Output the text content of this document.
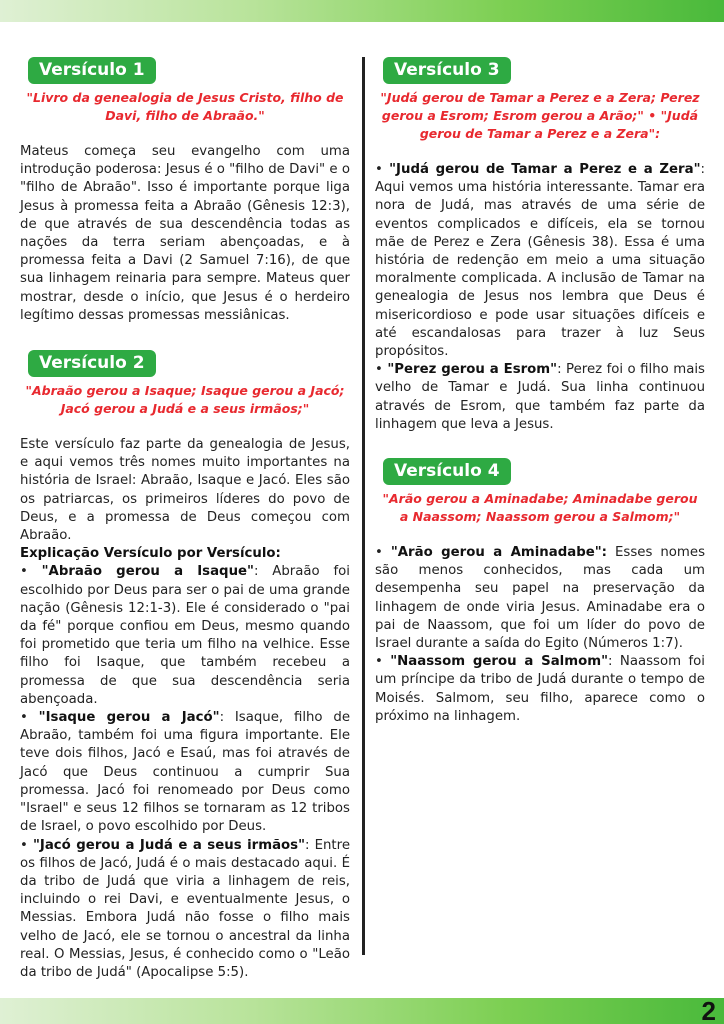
Versículo 1
"Livro da genealogia de Jesus Cristo, filho de Davi, filho de Abraão."

Mateus começa seu evangelho com uma introdução poderosa: Jesus é o "filho de Davi" e o "filho de Abraão". Isso é importante porque liga Jesus à promessa feita a Abraão (Gênesis 12:3), de que através de sua descendência todas as nações da terra seriam abençoadas, e à promessa feita a Davi (2 Samuel 7:16), de que sua linhagem reinaria para sempre. Mateus quer mostrar, desde o início, que Jesus é o herdeiro legítimo dessas promessas messiânicas.

Versículo 2
"Abraão gerou a Isaque; Isaque gerou a Jacó; Jacó gerou a Judá e a seus irmãos;"

Este versículo faz parte da genealogia de Jesus, e aqui vemos três nomes muito importantes na história de Israel: Abraão, Isaque e Jacó. Eles são os patriarcas, os primeiros líderes do povo de Deus, e a promessa de Deus começou com Abraão.

Explicação Versículo por Versículo:

• "Abraão gerou a Isaque": Abraão foi escolhido por Deus para ser o pai de uma grande nação (Gênesis 12:1-3). Ele é considerado o "pai da fé" porque confiou em Deus, mesmo quando foi prometido que teria um filho na velhice. Esse filho foi Isaque, que também recebeu a promessa de que sua descendência seria abençoada.

• "Isaque gerou a Jacó": Isaque, filho de Abraão, também foi uma figura importante. Ele teve dois filhos, Jacó e Esaú, mas foi através de Jacó que Deus continuou a cumprir Sua promessa. Jacó foi renomeado por Deus como "Israel" e seus 12 filhos se tornaram as 12 tribos de Israel, o povo escolhido por Deus.

• "Jacó gerou a Judá e a seus irmãos": Entre os filhos de Jacó, Judá é o mais destacado aqui. É da tribo de Judá que viria a linhagem de reis, incluindo o rei Davi, e eventualmente Jesus, o Messias. Embora Judá não fosse o filho mais velho de Jacó, ele se tornou o ancestral da linha real. O Messias, Jesus, é conhecido como o "Leão da tribo de Judá" (Apocalipse 5:5).

Versículo 3
"Judá gerou de Tamar a Perez e a Zera; Perez gerou a Esrom; Esrom gerou a Arão;" • "Judá gerou de Tamar a Perez e a Zera":

• "Judá gerou de Tamar a Perez e a Zera": Aqui vemos uma história interessante. Tamar era nora de Judá, mas através de uma série de eventos complicados e difíceis, ela se tornou mãe de Perez e Zera (Gênesis 38). Essa é uma história de redenção em meio a uma situação moralmente complicada. A inclusão de Tamar na genealogia de Jesus nos lembra que Deus é misericordioso e pode usar situações difíceis e até escandalosas para trazer à luz Seus propósitos.

• "Perez gerou a Esrom": Perez foi o filho mais velho de Tamar e Judá. Sua linha continuou através de Esrom, que também faz parte da linhagem que leva a Jesus.

Versículo 4
"Arão gerou a Aminadabe; Aminadabe gerou a Naassom; Naassom gerou a Salmom;"

• "Arão gerou a Aminadabe": Esses nomes são menos conhecidos, mas cada um desempenha seu papel na preservação da linhagem de onde viria Jesus. Aminadabe era o pai de Naassom, que foi um líder do povo de Israel durante a saída do Egito (Números 1:7).

• "Naassom gerou a Salmom": Naassom foi um príncipe da tribo de Judá durante o tempo de Moisés. Salmom, seu filho, aparece como o próximo na linhagem.

2
